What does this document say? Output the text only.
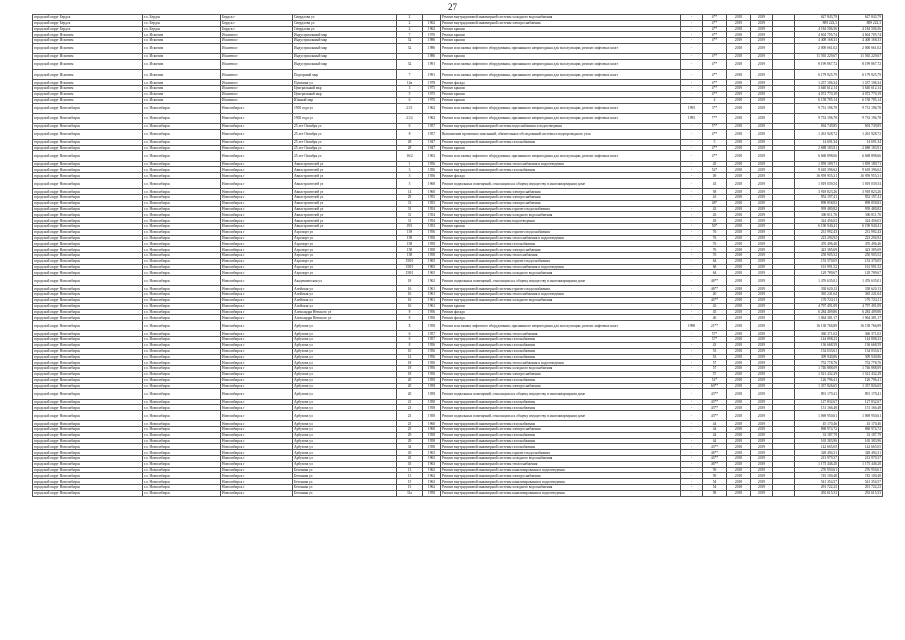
27
городской округ Бердск	г.о. Бердск	Бердск г	Свердлова ул	2		Ремонт внутридомовой инженерной системы холодного водоснабжения	-	4**	2018	2019		627 843,79	627 843,79
городской округ Бердск	г.о. Бердск	Бердск г	Свердлова ул	2	1962	Ремонт внутридомовой инженерной системы электроснабжения	-	4**	2019	2019		889 222,3	889 222,3
городской округ Бердск	г.о. Бердск	Бердск г	Свердлова ул	2	1962	Ремонт крыши	-	4**	2018	2019		4 184 506,56	4 184 506,56
городской округ Искитим	г.о. Искитим	Искитим г	Индустриальный мкр	7	1976	Ремонт крыши	-	4**	2018	2019		4 604 705,74	4 604 705,74
городской округ Искитим	г.о. Искитим	Искитим г	Индустриальный мкр	32	1986	Ремонт крыши	-	4**	2019	2019		4 408 168,33	4 408 168,33
городской округ Искитим	г.о. Искитим	Искитим г	Индустриальный мкр	32	1986	Ремонт или замена лифтового оборудования, признанного непригодным для эксплуатации, ремонт лифтовых шахт	-		2018	2019		2 000 661,02	2 000 661,02
городской округ Искитим	г.о. Искитим	Искитим г	Индустриальный мкр		1986	Ремонт крыши	-	4**	2018	2019		11 565 229,67	11 565 229,67
городской округ Искитим	г.о. Искитим	Искитим г	Индустриальный мкр	32	1991	Ремонт или замена лифтового оборудования, признанного непригодным для эксплуатации, ремонт лифтовых шахт	-	4**	2018	2019		8 199 867,72	8 199 867,72
городской округ Искитим	г.о. Искитим	Искитим г	Подгорный мкр	7	1991	Ремонт или замена лифтового оборудования, признанного непригодным для эксплуатации, ремонт лифтовых шахт	-	4**	2018	2019		6 179 925,79	6 179 925,79
городской округ Искитим	г.о. Искитим	Искитим г	Пушкина ул	12в	1978	Ремонт фасада	-	4**	2018	2019		1 237 106,34	1 237 106,34
городской округ Искитим	г.о. Искитим	Искитим г	Центральный мкр	3	1975	Ремонт крыши	-	4**	2019	2019		3 640 612,14	3 640 612,14
городской округ Искитим	г.о. Искитим	Искитим г	Центральный мкр	5	1975	Ремонт крыши	-	4**	2019	2019		4 072 770,19	4 072 770,19
городской округ Искитим	г.о. Искитим	Искитим г	Южный мкр	6	1970	Ремонт крыши	-	4	2018	2019		6 158 785,14	6 158 785,14
городской округ Новосибирск	г.о. Новосибирск	Новосибирск г	1905 года ул	21/1	1962	Ремонт или замена лифтового оборудования, признанного непригодным для эксплуатации, ремонт лифтовых шахт	1993	3**	2018	2019		9 731 196,78	9 731 196,78
городской округ Новосибирск	г.о. Новосибирск	Новосибирск г	1905 года ул	21/2	1962	Ремонт или замена лифтового оборудования, признанного непригодным для эксплуатации, ремонт лифтовых шахт	1993	7**	2018	2019		9 733 196,78	9 733 196,78
городской округ Новосибирск	г.о. Новосибирск	Новосибирск г	25 лет Октября ул	6	1957	Ремонт внутридомовой инженерной системы водоснабжения и водоотведения	-	5**	2018	2019		694 749,85	694 749,85
городской округ Новосибирск	г.о. Новосибирск	Новосибирск г	25 лет Октября ул	8	1957	Выполнение проектных изысканий, обязательных обследований системы и водопроводного узла	-	4**	2018	2019		1 261 928,72	1 261 928,72
городской округ Новосибирск	г.о. Новосибирск	Новосибирск г	25 лет Октября ул	28	1947	Ремонт внутридомовой инженерной системы газоснабжения	-	5	2018	2019		14 691,34	14 691,34
городской округ Новосибирск	г.о. Новосибирск	Новосибирск г	25 лет Октября ул	28	1947	Ремонт крыши	-	4**	2018	2019		2 688 183,91	2 688 183,91
городской округ Новосибирск	г.о. Новосибирск	Новосибирск г	25 лет Октября ул	16/2	1963	Ремонт или замена лифтового оборудования, признанного непригодным для эксплуатации, ремонт лифтовых шахт	-	4**	2018	2019		6 668 898,66	6 668 898,66
городской округ Новосибирск	г.о. Новосибирск	Новосибирск г	Авиастроителей ул	1	1956	Ремонт внутридомовой инженерной системы теплоснабжения и водоотведения	-	45	2018	2019		1 859 189,71	1 859 189,71
городской округ Новосибирск	г.о. Новосибирск	Новосибирск г	Авиастроителей ул	3	1956	Ремонт внутридомовой инженерной системы газоснабжения	-	52*	2018	2019		9 618 396,62	9 618 396,62
городской округ Новосибирск	г.о. Новосибирск	Новосибирск г	Авиастроителей ул	3	1956	Ремонт фасада	-	49	2018	2019		16 959 955,31	16 959 955,31
городской округ Новосибирск	г.о. Новосибирск	Новосибирск г	Авиастроителей ул	5	1968	Ремонт подвальных помещений, относящихся к общему имуществу в многоквартирном доме	-	43	2018	2019		1 819 039,54	1 819 039,54
городской округ Новосибирск	г.о. Новосибирск	Новосибирск г	Авиастроителей ул	14	1960	Ремонт внутридомовой инженерной системы электроснабжения	-	58	2018	2019		3 918 823,26	3 918 823,26
городской округ Новосибирск	г.о. Новосибирск	Новосибирск г	Авиастроителей ул	29	1955	Ремонт внутридомовой инженерной системы электроснабжения	-	43	2018	2019		952 197,41	952 197,41
городской округ Новосибирск	г.о. Новосибирск	Новосибирск г	Авиастроителей ул	31	1955	Ремонт внутридомовой инженерной системы электроснабжения	-	48*	2018	2019		898 858,83	898 858,83
городской округ Новосибирск	г.о. Новосибирск	Новосибирск г	Авиастроителей ул	31	1954	Ремонт внутридомовой инженерной системы горячего водоснабжения	-	43	2018	2019		939 480,82	939 480,82
городской округ Новосибирск	г.о. Новосибирск	Новосибирск г	Авиастроителей ул	31	1954	Ремонт внутридомовой инженерной системы холодного водоснабжения	-	43	2018	2019		306 811,76	306 811,76
городской округ Новосибирск	г.о. Новосибирск	Новосибирск г	Авиастроителей ул	31	1954	Ремонт внутридомовой инженерной системы водоотведения	-	43	2018	2019		324 456,03	324 456,03
городской округ Новосибирск	г.о. Новосибирск	Новосибирск г	Авиастроителей ул	19/1	1953	Ремонт крыши	-	50*	2018	2019		6 190 940,41	6 190 940,41
городской округ Новосибирск	г.о. Новосибирск	Новосибирск г	Аэропорт ул	139	1956	Ремонт внутридомовой инженерной системы горячего водоснабжения	-	76	2018	2019		231 992,43	231 992,43
городской округ Новосибирск	г.о. Новосибирск	Новосибирск г	Аэропорт ул	158	1956	Ремонт внутридомовой инженерной системы теплоснабжения и водоотведения	-	76	2018	2019		223 294,92	223 294,92
городской округ Новосибирск	г.о. Новосибирск	Новосибирск г	Аэропорт ул	158	1958	Ремонт внутридомовой инженерной системы газоснабжения	-	76	2018	2019		476 496,46	476 496,46
городской округ Новосибирск	г.о. Новосибирск	Новосибирск г	Аэропорт ул	158	1958	Ремонт внутридомовой инженерной системы электроснабжения	-	76	2018	2019		423 385,69	423 385,69
городской округ Новосибирск	г.о. Новосибирск	Новосибирск г	Аэропорт ул	158	1958	Ремонт внутридомовой инженерной системы теплоснабжения	-	76	2018	2019		250 905,52	250 905,52
городской округ Новосибирск	г.о. Новосибирск	Новосибирск г	Аэропорт ул	158/1	1965	Ремонт внутридомовой инженерной системы горячего водоснабжения	-	64	2018	2019		153 370,05	153 370,05
городской округ Новосибирск	г.о. Новосибирск	Новосибирск г	Аэропорт ул	158/1	1965	Ремонт внутридомовой инженерной системы теплоснабжения и водоотведения	-	68	2018	2019		161 991,52	161 991,52
городской округ Новосибирск	г.о. Новосибирск	Новосибирск г	Аэропорт ул	158/1	1965	Ремонт внутридомовой инженерной системы холодного водоснабжения	-	64	2018	2019		129 789,67	129 789,67
городской округ Новосибирск	г.о. Новосибирск	Новосибирск г	Академическая ул	18	1962	Ремонт подвальных помещений, относящихся к общему имуществу в многоквартирном доме	-	46**	2018	2019		1 476 635,01	1 476 635,01
городской округ Новосибирск	г.о. Новосибирск	Новосибирск г	Алейская ул	16	1961	Ремонт внутридомовой инженерной системы горячего водоснабжения	-	46**	2018	2019		338 620,13	338 620,13
городской округ Новосибирск	г.о. Новосибирск	Новосибирск г	Алейская ул	16	1961	Ремонт внутридомовой инженерной системы теплоснабжения и водоотведения	-	20	2018	2019		365 241,64	365 241,64
городской округ Новосибирск	г.о. Новосибирск	Новосибирск г	Алейская ул	16	1961	Ремонт внутридомовой инженерной системы холодного водоснабжения	-	44**	2018	2019		176 724,11	176 724,11
городской округ Новосибирск	г.о. Новосибирск	Новосибирск г	Алейская ул	16	1961	Ремонт крыши	-	43	2018	2019		4 797 491,09	4 797 491,09
городской округ Новосибирск	г.о. Новосибирск	Новосибирск г	Александра Невского ул	8	1956	Ремонт фасада	-	45	2018	2019		6 284 409,86	6 284 409,86
городской округ Новосибирск	г.о. Новосибирск	Новосибирск г	Александра Невского ул	8	1956	Ремонт фасада	-	46	2019	2019		1 964 381,17	1 964 381,17
городской округ Новосибирск	г.о. Новосибирск	Новосибирск г	Арбузова ул	X	1958	Ремонт или замена лифтового оборудования, признанного непригодным для эксплуатации, ремонт лифтовых шахт	1998	21**	2018	2019		16 138 766,89	16 138 766,89
городской округ Новосибирск	г.о. Новосибирск	Новосибирск г	Арбузова ул	6	1957	Ремонт внутридомовой инженерной системы теплоснабжения	-	57*	2018	2019		360 371,02	360 371,02
городской округ Новосибирск	г.о. Новосибирск	Новосибирск г	Арбузова ул	6	1957	Ремонт внутридомовой инженерной системы газоснабжения	-	57*	2018	2019		144 808,23	144 808,23
городской округ Новосибирск	г.о. Новосибирск	Новосибирск г	Арбузова ул	8	1956	Ремонт внутридомовой инженерной системы газоснабжения	-	43	2018	2019		136 668,59	136 668,59
городской округ Новосибирск	г.о. Новосибирск	Новосибирск г	Арбузова ул	10	1956	Ремонт внутридомовой инженерной системы газоснабжения	-	53	2018	2019		134 033,61	134 033,61
городской округ Новосибирск	г.о. Новосибирск	Новосибирск г	Арбузова ул	14	1956	Ремонт внутридомовой инженерной системы газоснабжения	-	53	2018	2019		309 940,86	309 940,86
городской округ Новосибирск	г.о. Новосибирск	Новосибирск г	Арбузова ул	18	1956	Ремонт внутридомовой инженерной системы теплоснабжения и водоотведения	-	57	2018	2019		752 778,76	752 778,76
городской округ Новосибирск	г.о. Новосибирск	Новосибирск г	Арбузова ул	18	1956	Ремонт внутридомовой инженерной системы холодного водоснабжения	-	57	2018	2019		1 746 888,09	1 746 888,09
городской округ Новосибирск	г.о. Новосибирск	Новосибирск г	Арбузова ул	18	1956	Ремонт внутридомовой инженерной системы электроснабжения	-	57	2018	2019		1 521 432,29	1 521 432,29
городской округ Новосибирск	г.о. Новосибирск	Новосибирск г	Арбузова ул	20	1958	Ремонт внутридомовой инженерной системы газоснабжения	-	51*	2018	2019		126 796,41	126 796,41
городской округ Новосибирск	г.о. Новосибирск	Новосибирск г	Арбузова ул	20	1958	Ремонт внутридомовой инженерной системы электроснабжения	-	60**	2018	2019		1 337 826,65	1 337 826,65
городской округ Новосибирск	г.о. Новосибирск	Новосибирск г	Арбузова ул	20	1958	Ремонт подвальных помещений, относящихся к общему имуществу в многоквартирном доме	-	43**	2018	2019		891 179,41	891 179,41
городской округ Новосибирск	г.о. Новосибирск	Новосибирск г	Арбузова ул	21	1958	Ремонт внутридомовой инженерной системы газоснабжения	-	43**	2018	2019		127 832,67	127 832,67
городской округ Новосибирск	г.о. Новосибирск	Новосибирск г	Арбузова ул	23	1958	Ремонт внутридомовой инженерной системы газоснабжения	-	43**	2018	2019		151 166,48	151 166,48
городской округ Новосибирск	г.о. Новосибирск	Новосибирск г	Арбузова ул	23	1958	Ремонт подвальных помещений, относящихся к общему имуществу в многоквартирном доме	-	43**	2018	2019		1 069 950,61	1 069 950,61
городской округ Новосибирск	г.о. Новосибирск	Новосибирск г	Арбузова ул	25	1960	Ремонт внутридомовой инженерной системы газоснабжения	-	44	2018	2019		45 170,46	45 170,46
городской округ Новосибирск	г.о. Новосибирск	Новосибирск г	Арбузова ул	25	1960	Ремонт внутридомовой инженерной системы электроснабжения	-	44	2018	2019		868 974,72	868 974,72
городской округ Новосибирск	г.о. Новосибирск	Новосибирск г	Арбузова ул	29	1958	Ремонт внутридомовой инженерной системы газоснабжения	-	44	2018	2019		33 187,79	33 187,79
городской округ Новосибирск	г.о. Новосибирск	Новосибирск г	Арбузова ул	29	1958	Ремонт внутридомовой инженерной системы газоснабжения	-	44	2018	2019		165 383,96	165 383,96
городской округ Новосибирск	г.о. Новосибирск	Новосибирск г	Арбузова ул	34	1958	Ремонт внутридомовой инженерной системы газоснабжения	-	43**	2018	2019		142 665,05	142 665,05
городской округ Новосибирск	г.о. Новосибирск	Новосибирск г	Арбузова ул	45	1963	Ремонт внутридомовой инженерной системы горячего водоснабжения	-	46**	2018	2019		328 494,31	328 494,31
городской округ Новосибирск	г.о. Новосибирск	Новосибирск г	Арбузова ул	45	1963	Ремонт внутридомовой инженерной системы холодного водоснабжения	-	43**	2018	2019		213 979,37	213 979,37
городской округ Новосибирск	г.о. Новосибирск	Новосибирск г	Арбузова ул	45	1963	Ремонт внутридомовой инженерной системы теплоснабжения	-	46**	2018	2019		1 175 446,20	1 175 446,20
городской округ Новосибирск	г.о. Новосибирск	Новосибирск г	Бетонная ул	13	1962	Ремонт внутридомовой инженерной системы канализирования и водоотведения	-	59	2018	2019		276 950,61	276 950,61
городской округ Новосибирск	г.о. Новосибирск	Новосибирск г	Бетонная ул	13	1962	Ремонт внутридомовой инженерной системы электроснабжения	-	59	2018	2019		745 100,48	745 100,48
городской округ Новосибирск	г.о. Новосибирск	Новосибирск г	Бетонная ул	15	1962	Ремонт внутридомовой инженерной системы канализирования и водоотведения	-	54	2018	2019		541 354,57	541 354,57
городской округ Новосибирск	г.о. Новосибирск	Новосибирск г	Бетонная ул	15	1962	Ремонт внутридомовой инженерной системы холодного водоснабжения	-	54	2018	2019		291 722,23	291 722,23
городской округ Новосибирск	г.о. Новосибирск	Новосибирск г	Бетонная ул	31a	1958	Ремонт внутридомовой инженерной системы канализирования и водоотведения	-	58	2018	2019		292 615,53	292 615,53
